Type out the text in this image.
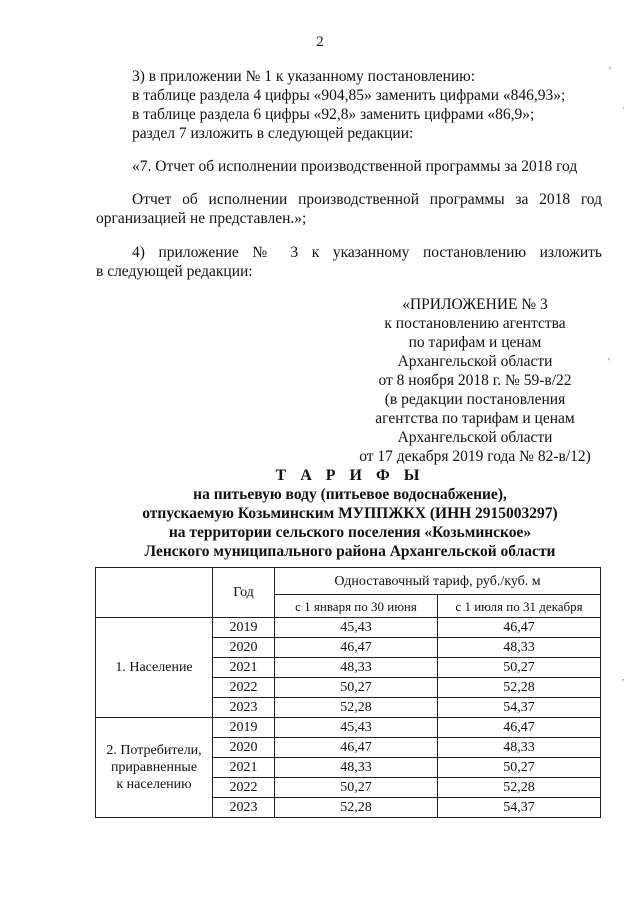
2
3) в приложении № 1 к указанному постановлению:
в таблице раздела 4 цифры «904,85» заменить цифрами «846,93»;
в таблице раздела 6 цифры «92,8» заменить цифрами «86,9»;
раздел 7 изложить в следующей редакции:
«7. Отчет об исполнении производственной программы за 2018 год
Отчет об исполнении производственной программы за 2018 год
организацией не представлен.»;
4) приложение № 3 к указанному постановлению изложить
в следующей редакции:
«ПРИЛОЖЕНИЕ № 3
к постановлению агентства
по тарифам и ценам
Архангельской области
от 8 ноября 2018 г. № 59-в/22
(в редакции постановления
агентства по тарифам и ценам
Архангельской области
от 17 декабря 2019 года № 82-в/12)
Т А Р И Ф Ы
на питьевую воду (питьевое водоснабжение),
отпускаемую Козьминским МУППЖКХ (ИНН 2915003297)
на территории сельского поселения «Козьминское»
Ленского муниципального района Архангельской области
	Год	Одноставочный тариф, руб./куб. м	
		с 1 января по 30 июня	с 1 июля по 31 декабря
1. Население	2019	45,43	46,47
	2020	46,47	48,33
	2021	48,33	50,27
	2022	50,27	52,28
	2023	52,28	54,37

2. Потребители,
приравненные
к населению	2019	45,43	46,47
	2020	46,47	48,33
	2021	48,33	50,27
	2022	50,27	52,28
	2023	52,28	54,37
ʹ
ˌ
ʹ
ʹ
